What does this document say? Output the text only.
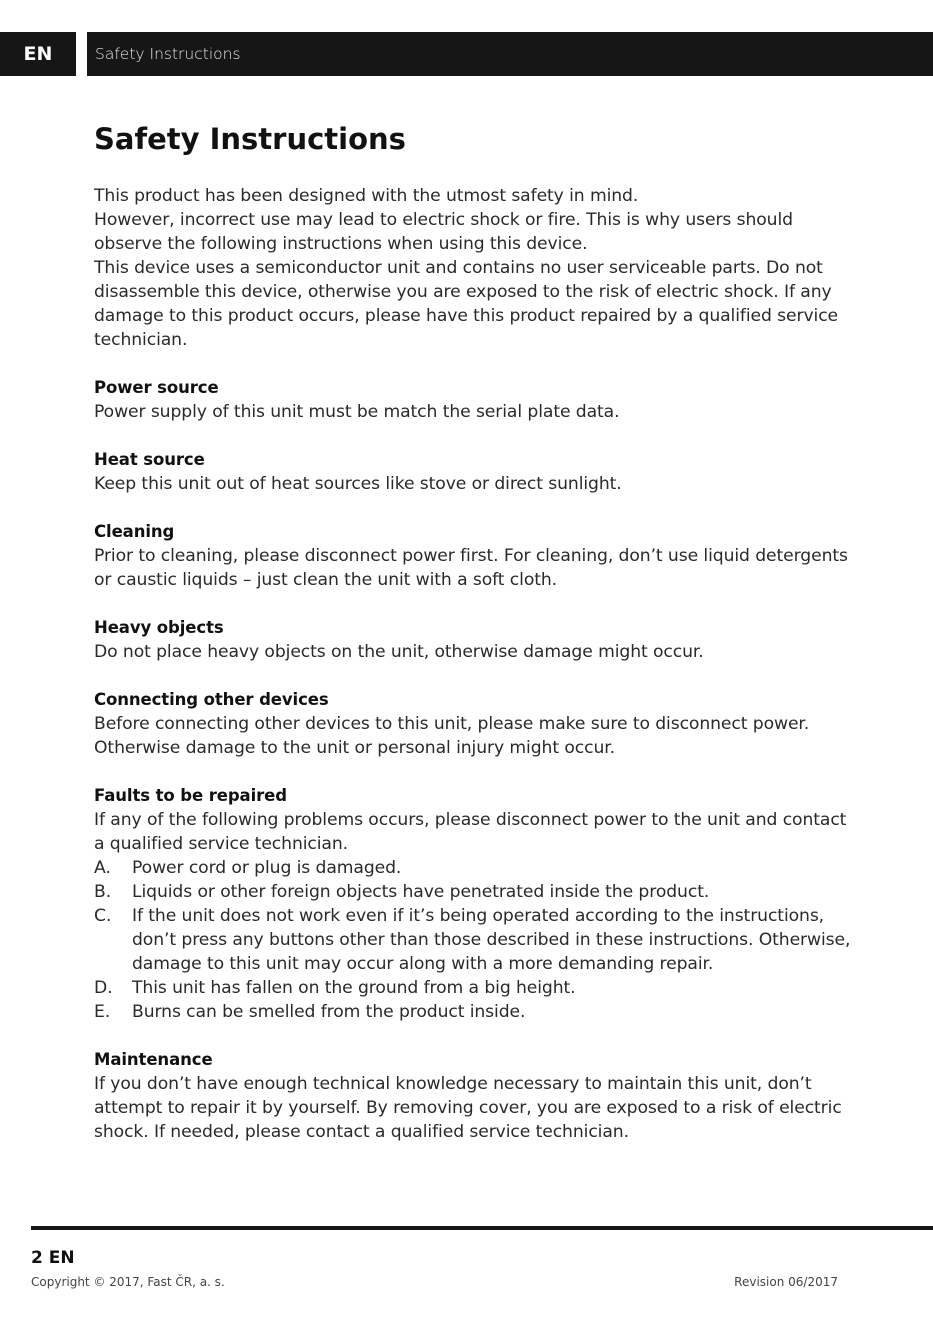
EN	Safety Instructions
Safety Instructions

This product has been designed with the utmost safety in mind.

However, incorrect use may lead to electric shock or fire. This is why users should observe the following instructions when using this device.

This device uses a semiconductor unit and contains no user serviceable parts. Do not disassemble this device, otherwise you are exposed to the risk of electric shock. If any damage to this product occurs, please have this product repaired by a qualified service technician.

Power source

Power supply of this unit must be match the serial plate data.

Heat source

Keep this unit out of heat sources like stove or direct sunlight.

Cleaning

Prior to cleaning, please disconnect power first. For cleaning, don’t use liquid detergents or caustic liquids – just clean the unit with a soft cloth.

Heavy objects

Do not place heavy objects on the unit, otherwise damage might occur.

Connecting other devices

Before connecting other devices to this unit, please make sure to disconnect power. Otherwise damage to the unit or personal injury might occur.

Faults to be repaired

If any of the following problems occurs, please disconnect power to the unit and contact a qualified service technician.

A.	Power cord or plug is damaged.
B.	Liquids or other foreign objects have penetrated inside the product.
C.	If the unit does not work even if it’s being operated according to the instructions, don’t press any buttons other than those described in these instructions. Otherwise, damage to this unit may occur along with a more demanding repair.
D.	This unit has fallen on the ground from a big height.
E.	Burns can be smelled from the product inside.
Maintenance

If you don’t have enough technical knowledge necessary to maintain this unit, don’t attempt to repair it by yourself. By removing cover, you are exposed to a risk of electric shock. If needed, please contact a qualified service technician.

2 EN
Copyright © 2017, Fast ČR, a. s.	Revision 06/2017
